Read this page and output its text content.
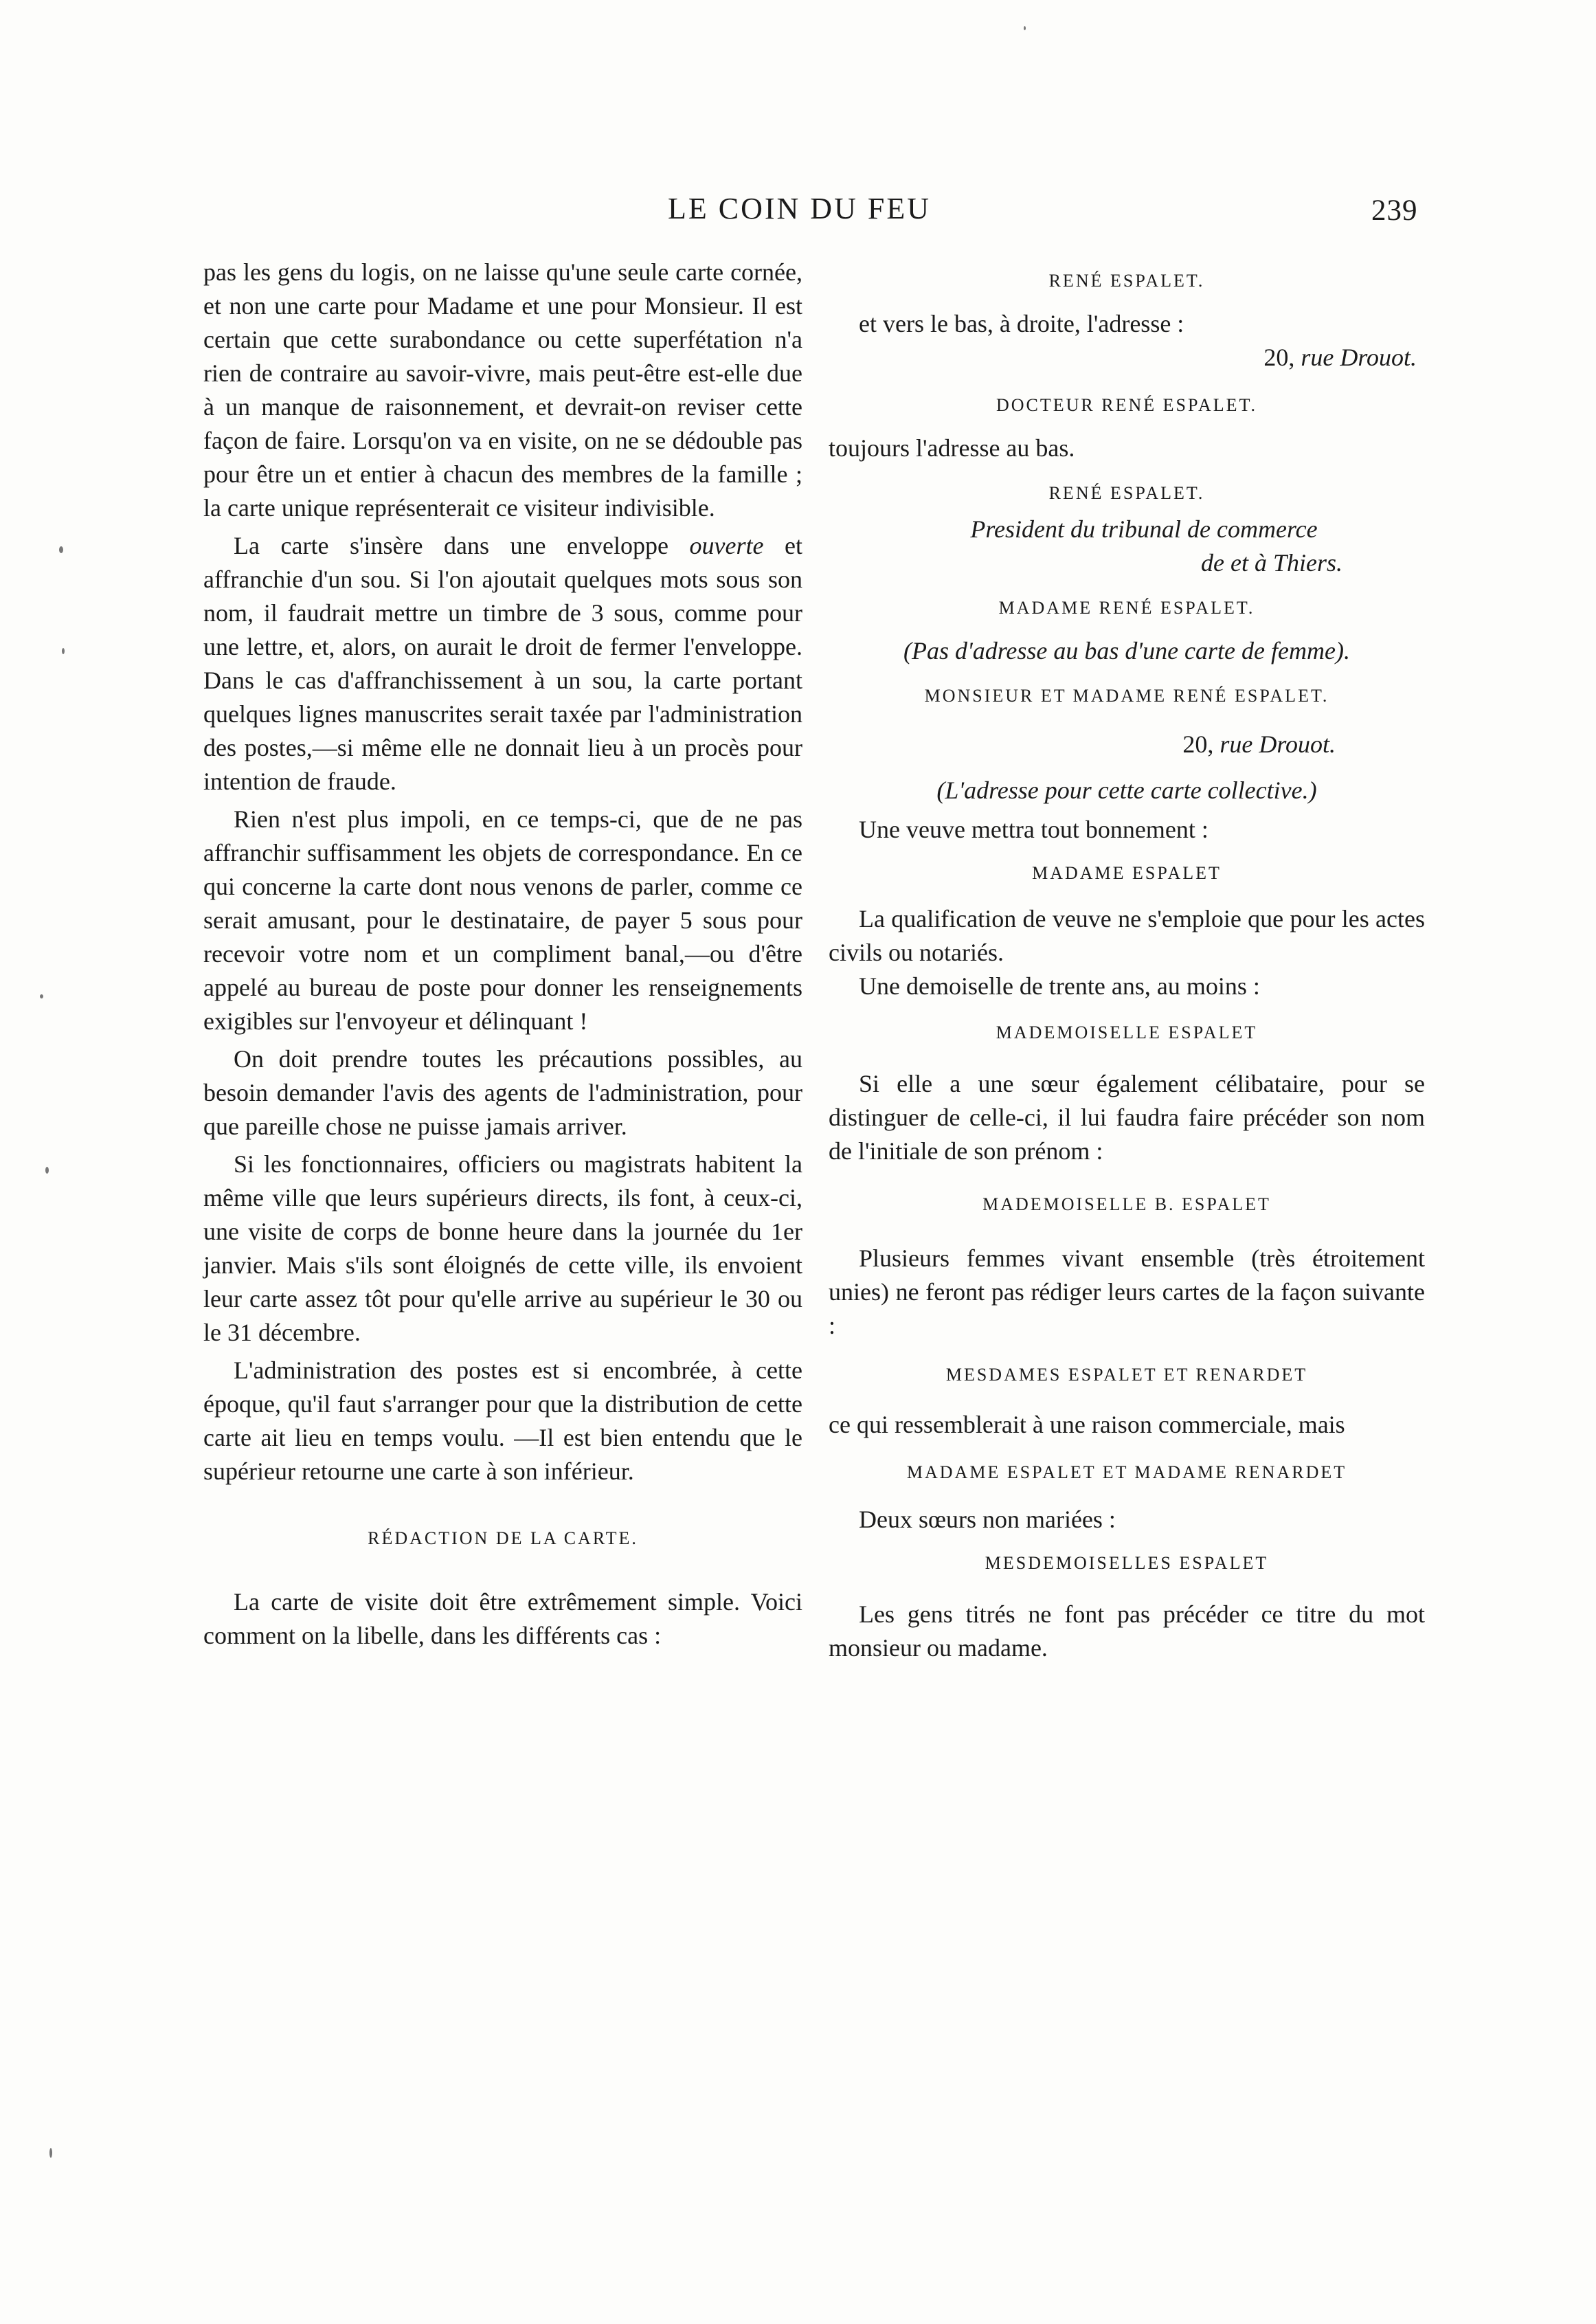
LE COIN DU FEU	239

pas les gens du logis, on ne laisse qu'une seule carte cornée, et non une carte pour Madame et une pour Monsieur. Il est certain que cette surabondance ou cette superfétation n'a rien de contraire au savoir-vivre, mais peut-être est-elle due à un manque de raisonnement, et devrait-on reviser cette façon de faire. Lorsqu'on va en visite, on ne se dédouble pas pour être un et entier à chacun des membres de la famille ; la carte unique représenterait ce visiteur indivisible.

La carte s'insère dans une enveloppe ouverte et affranchie d'un sou. Si l'on ajoutait quelques mots sous son nom, il faudrait mettre un timbre de 3 sous, comme pour une lettre, et, alors, on aurait le droit de fermer l'enveloppe. Dans le cas d'affranchissement à un sou, la carte portant quelques lignes manuscrites serait taxée par l'administration des postes,—si même elle ne donnait lieu à un procès pour intention de fraude.

Rien n'est plus impoli, en ce temps-ci, que de ne pas affranchir suffisamment les objets de correspondance. En ce qui concerne la carte dont nous venons de parler, comme ce serait amusant, pour le destinataire, de payer 5 sous pour recevoir votre nom et un compliment banal,—ou d'être appelé au bureau de poste pour donner les renseignements exigibles sur l'envoyeur et délinquant !

On doit prendre toutes les précautions possibles, au besoin demander l'avis des agents de l'administration, pour que pareille chose ne puisse jamais arriver.

Si les fonctionnaires, officiers ou magistrats habitent la même ville que leurs supérieurs directs, ils font, à ceux-ci, une visite de corps de bonne heure dans la journée du 1er janvier. Mais s'ils sont éloignés de cette ville, ils envoient leur carte assez tôt pour qu'elle arrive au supérieur le 30 ou le 31 décembre.

L'administration des postes est si encombrée, à cette époque, qu'il faut s'arranger pour que la distribution de cette carte ait lieu en temps voulu. —Il est bien entendu que le supérieur retourne une carte à son inférieur.

RÉDACTION DE LA CARTE.

La carte de visite doit être extrêmement simple. Voici comment on la libelle, dans les différents cas :

RENÉ ESPALET.

et vers le bas, à droite, l'adresse :

20, rue Drouot.

DOCTEUR RENÉ ESPALET.

toujours l'adresse au bas.

RENÉ ESPALET.

President du tribunal de commerce

de et à Thiers.

MADAME RENÉ ESPALET.

(Pas d'adresse au bas d'une carte de femme).

MONSIEUR ET MADAME RENÉ ESPALET.

20, rue Drouot.

(L'adresse pour cette carte collective.)

Une veuve mettra tout bonnement :

MADAME ESPALET

La qualification de veuve ne s'emploie que pour les actes civils ou notariés.

Une demoiselle de trente ans, au moins :

MADEMOISELLE ESPALET

Si elle a une sœur également célibataire, pour se distinguer de celle-ci, il lui faudra faire précéder son nom de l'initiale de son prénom :

MADEMOISELLE B. ESPALET

Plusieurs femmes vivant ensemble (très étroitement unies) ne feront pas rédiger leurs cartes de la façon suivante :

MESDAMES ESPALET ET RENARDET

ce qui ressemblerait à une raison commerciale, mais

MADAME ESPALET ET MADAME RENARDET

Deux sœurs non mariées :

MESDEMOISELLES ESPALET

Les gens titrés ne font pas précéder ce titre du mot monsieur ou madame.
